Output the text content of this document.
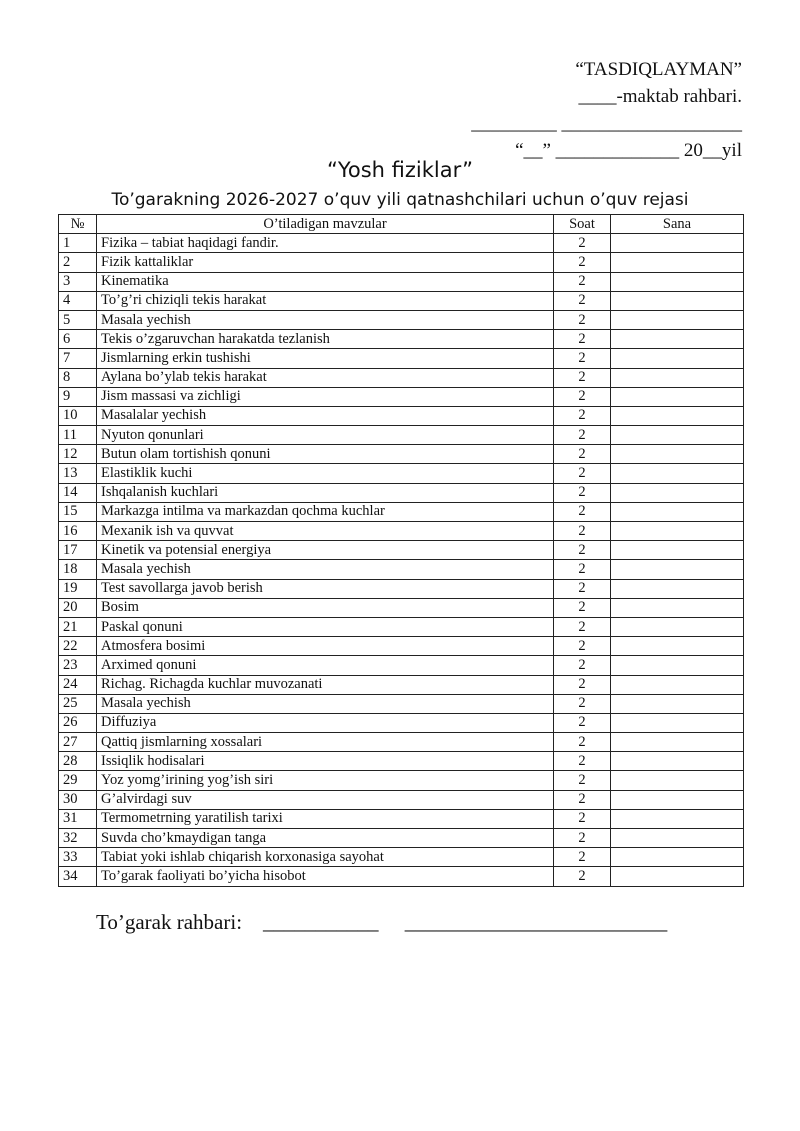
“TASDIQLAYMAN”
____-maktab rahbari.
_________ ___________________
“__” _____________ 20__yil
“Yosh fiziklar”
To’garakning 2026-2027 o’quv yili qatnashchilari uchun o’quv rejasi
№	O’tiladigan mavzular	Soat	Sana
1	Fizika – tabiat haqidagi fandir.	2	
2	Fizik kattaliklar	2	
3	Kinematika	2	
4	To’g’ri chiziqli tekis harakat	2	
5	Masala yechish	2	
6	Tekis o’zgaruvchan harakatda tezlanish	2	
7	Jismlarning erkin tushishi	2	
8	Aylana bo’ylab tekis harakat	2	
9	Jism massasi va zichligi	2	
10	Masalalar yechish	2	
11	Nyuton qonunlari	2	
12	Butun olam tortishish qonuni	2	
13	Elastiklik kuchi	2	
14	Ishqalanish kuchlari	2	
15	Markazga intilma va markazdan qochma kuchlar	2	
16	Mexanik ish va quvvat	2	
17	Kinetik va potensial energiya	2	
18	Masala yechish	2	
19	Test savollarga javob berish	2	
20	Bosim	2	
21	Paskal qonuni	2	
22	Atmosfera bosimi	2	
23	Arximed qonuni	2	
24	Richag. Richagda kuchlar muvozanati	2	
25	Masala yechish	2	
26	Diffuziya	2	
27	Qattiq jismlarning xossalari	2	
28	Issiqlik hodisalari	2	
29	Yoz yomg’irining yog’ish siri	2	
30	G’alvirdagi suv	2	
31	Termometrning yaratilish tarixi	2	
32	Suvda cho’kmaydigan tanga	2	
33	Tabiat yoki ishlab chiqarish korxonasiga sayohat	2	
34	To’garak faoliyati bo’yicha hisobot	2	
To’garak rahbari:    ___________     _________________________
